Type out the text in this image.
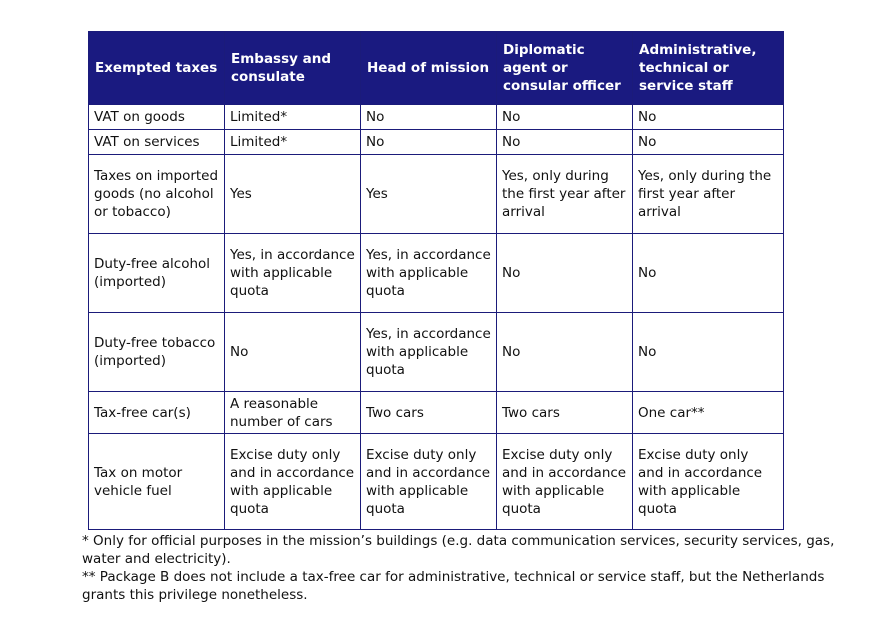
Exempted taxes	Embassy and consulate	Head of mission	Diplomatic agent or consular officer	Administrative, technical or service staff
VAT on goods	Limited*	No	No	No
VAT on services	Limited*	No	No	No
Taxes on imported goods (no alcohol or tobacco)	Yes	Yes	Yes, only during the first year after arrival	Yes, only during the first year after arrival
Duty-free alcohol (imported)	Yes, in accordance with applicable quota	Yes, in accordance with applicable quota	No	No
Duty-free tobacco (imported)	No	Yes, in accordance with applicable quota	No	No
Tax-free car(s)	A reasonable number of cars	Two cars	Two cars	One car**
Tax on motor vehicle fuel	Excise duty only and in accordance with applicable quota	Excise duty only and in accordance with applicable quota	Excise duty only and in accordance with applicable quota	Excise duty only and in accordance with applicable quota

* Only for official purposes in the mission’s buildings (e.g. data communication services, security services, gas, water and electricity).

** Package B does not include a tax-free car for administrative, technical or service staff, but the Netherlands grants this privilege nonetheless.
